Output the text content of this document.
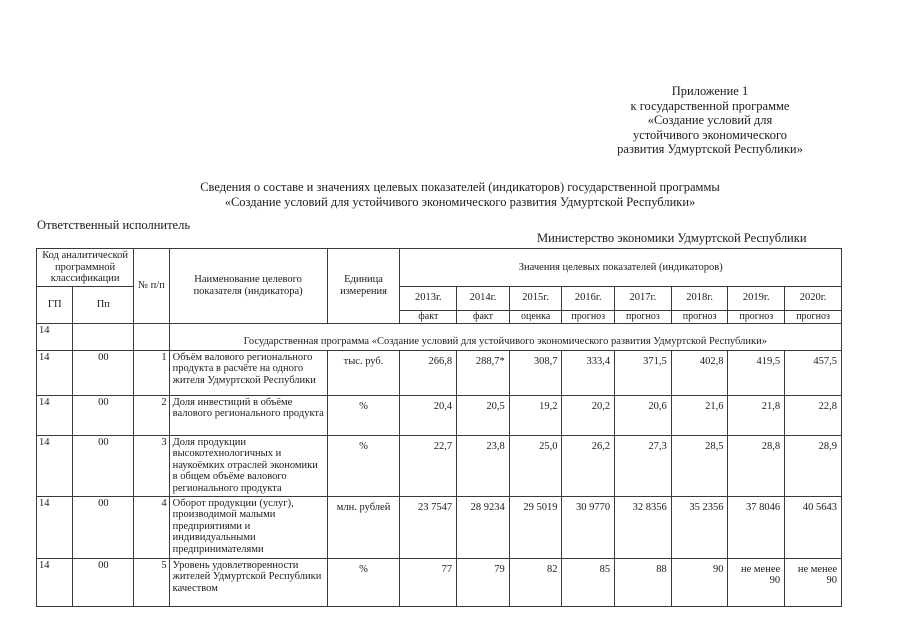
Приложение 1
к государственной программе
«Создание условий для
устойчивого экономического
развития Удмуртской Республики»
Сведения о составе и значениях целевых показателей (индикаторов) государственной программы
«Создание условий для устойчивого экономического развития Удмуртской Республики»
Ответственный исполнитель
Министерство экономики Удмуртской Республики
Код аналитической программной классификации		№ п/п	Наименование целевого показателя (индикатора)	Единица измерения	Значения целевых показателей (индикаторов)							
ГП	Пп				2013г.	2014г.	2015г.	2016г.	2017г.	2018г.	2019г.	2020г.
					факт	факт	оценка	прогноз	прогноз	прогноз	прогноз	прогноз
14			Государственная программа «Создание условий для устойчивого экономического развития Удмуртской Республики»									
14	00	1	Объём валового регионального продукта в расчёте на одного жителя Удмуртской Республики	тыс. руб.	266,8	288,7*	308,7	333,4	371,5	402,8	419,5	457,5
14	00	2	Доля инвестиций в объёме валового регионального продукта	%	20,4	20,5	19,2	20,2	20,6	21,6	21,8	22,8
14	00	3	Доля продукции высокотехнологичных и наукоёмких отраслей экономики в общем объёме валового регионального продукта	%	22,7	23,8	25,0	26,2	27,3	28,5	28,8	28,9
14	00	4	Оборот продукции (услуг), производимой малыми предприятиями и индивидуальными предпринимателями	млн. рублей	23 7547	28 9234	29 5019	30 9770	32 8356	35 2356	37 8046	40 5643
14	00	5	Уровень удовлетворенности жителей Удмуртской Республики качеством	%	77	79	82	85	88	90	не менее 90	не менее 90
